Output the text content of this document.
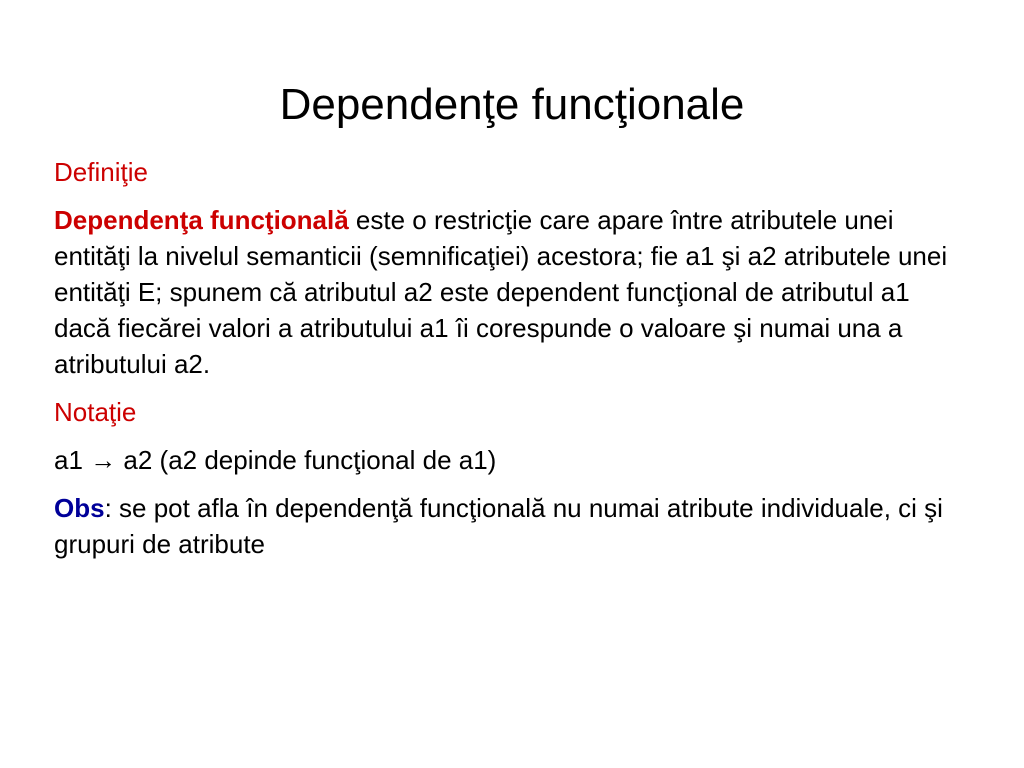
Dependenţe funcţionale

Definiţie

Dependenţa funcţională este o restricţie care apare între atributele unei entităţi la nivelul semanticii (semnificaţiei) acestora; fie a1 şi a2 atributele unei entităţi E; spunem că atributul a2 este dependent funcţional de atributul a1 dacă fiecărei valori a atributului a1 îi corespunde o valoare şi numai una a atributului a2.

Notaţie

a1 → a2 (a2 depinde funcţional de a1)

Obs: se pot afla în dependenţă funcţională nu numai atribute individuale, ci şi grupuri de atribute
